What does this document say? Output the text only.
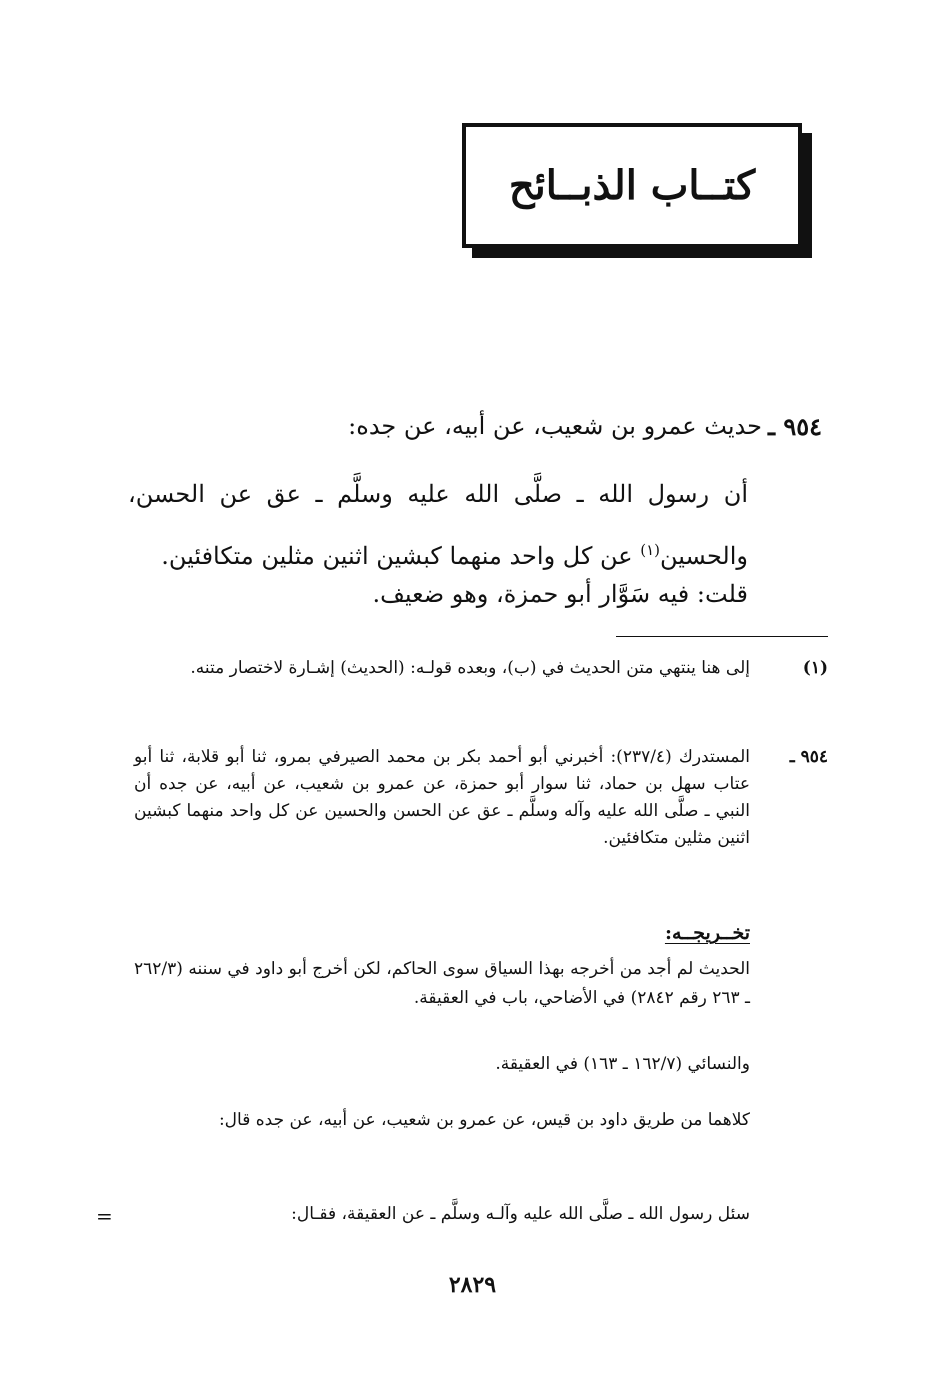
كتــاب الذبــائح
٩٥٤ ـ
حديث عمرو بن شعيب، عن أبيه، عن جده:

أن رسول الله ـ صلَّى الله عليه وسلَّم ـ عق عن الحسن، والحسين$^{(١)}$ عن كل واحد منهما كبشين اثنين مثلين متكافئين.

قلت: فيه سَوَّار أبو حمزة، وهو ضعيف.
(١)
إلى هنا ينتهي متن الحديث في (ب)، وبعده قولـه: (الحديث) إشـارة لاختصار متنه.
٩٥٤ ـ
المستدرك (٢٣٧/٤): أخبرني أبو أحمد بكر بن محمد الصيرفي بمرو، ثنا أبو قلابة، ثنا أبو عتاب سهل بن حماد، ثنا سوار أبو حمزة، عن عمرو بن شعيب، عن أبيه، عن جده أن النبي ـ صلَّى الله عليه وآله وسلَّم ـ عق عن الحسن والحسين عن كل واحد منهما كبشين اثنين مثلين متكافئين.
تخــريجــه:
الحديث لم أجد من أخرجه بهذا السياق سوى الحاكم، لكن أخرج أبو داود في سننه (٢٦٢/٣ ـ ٢٦٣ رقم ٢٨٤٢) في الأضاحي، باب في العقيقة.
والنسائي (١٦٢/٧ ـ ١٦٣) في العقيقة.
كلاهما من طريق داود بن قيس، عن عمرو بن شعيب، عن أبيه، عن جده قال:
سئل رسول الله ـ صلَّى الله عليه وآلـه وسلَّم ـ عن العقيقة، فقـال:
=
٢٨٢٩
